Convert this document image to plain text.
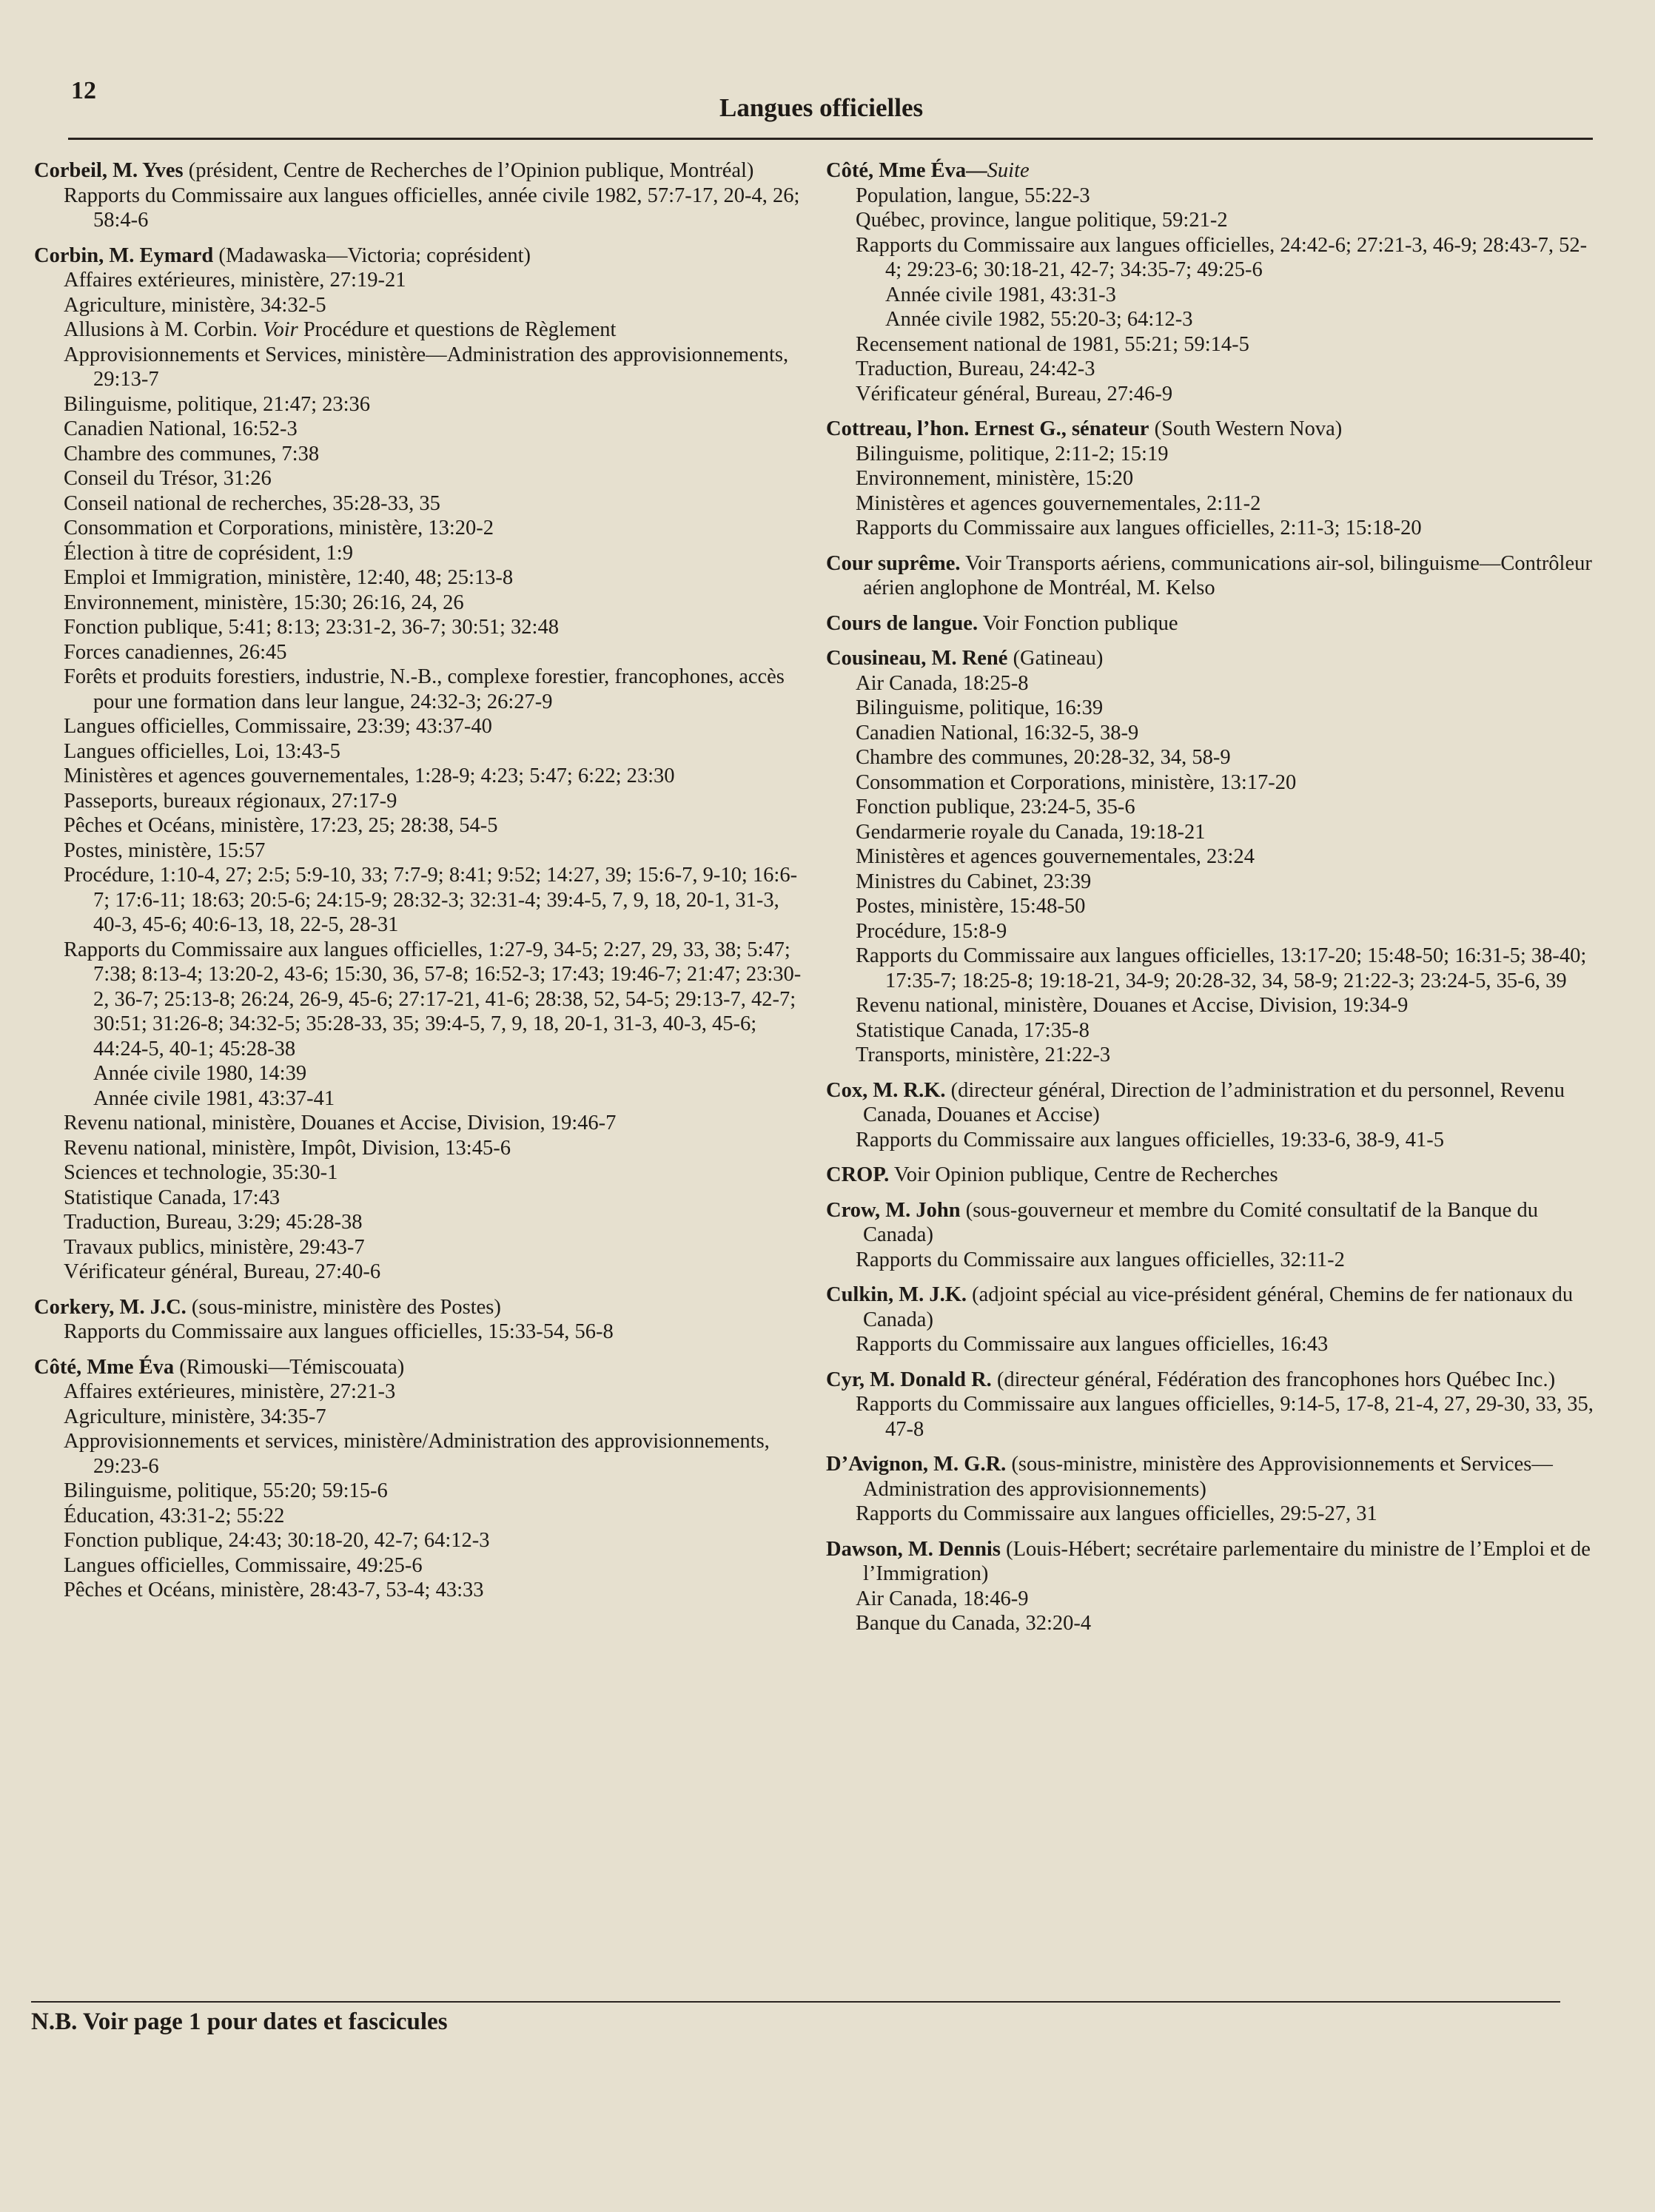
12
Langues officielles
Corbeil, M. Yves (président, Centre de Recherches de l’Opinion publique, Montréal)
Rapports du Commissaire aux langues officielles, année civile 1982, 57:7-17, 20-4, 26; 58:4-6
Corbin, M. Eymard (Madawaska—Victoria; coprésident)
Affaires extérieures, ministère, 27:19-21
Agriculture, ministère, 34:32-5
Allusions à M. Corbin. Voir Procédure et questions de Règlement
Approvisionnements et Services, ministère—Administration des approvisionnements, 29:13-7
Bilinguisme, politique, 21:47; 23:36
Canadien National, 16:52-3
Chambre des communes, 7:38
Conseil du Trésor, 31:26
Conseil national de recherches, 35:28-33, 35
Consommation et Corporations, ministère, 13:20-2
Élection à titre de coprésident, 1:9
Emploi et Immigration, ministère, 12:40, 48; 25:13-8
Environnement, ministère, 15:30; 26:16, 24, 26
Fonction publique, 5:41; 8:13; 23:31-2, 36-7; 30:51; 32:48
Forces canadiennes, 26:45
Forêts et produits forestiers, industrie, N.-B., complexe forestier, francophones, accès pour une formation dans leur langue, 24:32-3; 26:27-9
Langues officielles, Commissaire, 23:39; 43:37-40
Langues officielles, Loi, 13:43-5
Ministères et agences gouvernementales, 1:28-9; 4:23; 5:47; 6:22; 23:30
Passeports, bureaux régionaux, 27:17-9
Pêches et Océans, ministère, 17:23, 25; 28:38, 54-5
Postes, ministère, 15:57
Procédure, 1:10-4, 27; 2:5; 5:9-10, 33; 7:7-9; 8:41; 9:52; 14:27, 39; 15:6-7, 9-10; 16:6-7; 17:6-11; 18:63; 20:5-6; 24:15-9; 28:32-3; 32:31-4; 39:4-5, 7, 9, 18, 20-1, 31-3, 40-3, 45-6; 40:6-13, 18, 22-5, 28-31
Rapports du Commissaire aux langues officielles, 1:27-9, 34-5; 2:27, 29, 33, 38; 5:47; 7:38; 8:13-4; 13:20-2, 43-6; 15:30, 36, 57-8; 16:52-3; 17:43; 19:46-7; 21:47; 23:30-2, 36-7; 25:13-8; 26:24, 26-9, 45-6; 27:17-21, 41-6; 28:38, 52, 54-5; 29:13-7, 42-7; 30:51; 31:26-8; 34:32-5; 35:28-33, 35; 39:4-5, 7, 9, 18, 20-1, 31-3, 40-3, 45-6; 44:24-5, 40-1; 45:28-38
Année civile 1980, 14:39
Année civile 1981, 43:37-41
Revenu national, ministère, Douanes et Accise, Division, 19:46-7
Revenu national, ministère, Impôt, Division, 13:45-6
Sciences et technologie, 35:30-1
Statistique Canada, 17:43
Traduction, Bureau, 3:29; 45:28-38
Travaux publics, ministère, 29:43-7
Vérificateur général, Bureau, 27:40-6
Corkery, M. J.C. (sous-ministre, ministère des Postes)
Rapports du Commissaire aux langues officielles, 15:33-54, 56-8
Côté, Mme Éva (Rimouski—Témiscouata)
Affaires extérieures, ministère, 27:21-3
Agriculture, ministère, 34:35-7
Approvisionnements et services, ministère/Administration des approvisionnements, 29:23-6
Bilinguisme, politique, 55:20; 59:15-6
Éducation, 43:31-2; 55:22
Fonction publique, 24:43; 30:18-20, 42-7; 64:12-3
Langues officielles, Commissaire, 49:25-6
Pêches et Océans, ministère, 28:43-7, 53-4; 43:33
Côté, Mme Éva—Suite
Population, langue, 55:22-3
Québec, province, langue politique, 59:21-2
Rapports du Commissaire aux langues officielles, 24:42-6; 27:21-3, 46-9; 28:43-7, 52-4; 29:23-6; 30:18-21, 42-7; 34:35-7; 49:25-6
Année civile 1981, 43:31-3
Année civile 1982, 55:20-3; 64:12-3
Recensement national de 1981, 55:21; 59:14-5
Traduction, Bureau, 24:42-3
Vérificateur général, Bureau, 27:46-9
Cottreau, l’hon. Ernest G., sénateur (South Western Nova)
Bilinguisme, politique, 2:11-2; 15:19
Environnement, ministère, 15:20
Ministères et agences gouvernementales, 2:11-2
Rapports du Commissaire aux langues officielles, 2:11-3; 15:18-20
Cour suprême. Voir Transports aériens, communications air-sol, bilinguisme—Contrôleur aérien anglophone de Montréal, M. Kelso
Cours de langue. Voir Fonction publique
Cousineau, M. René (Gatineau)
Air Canada, 18:25-8
Bilinguisme, politique, 16:39
Canadien National, 16:32-5, 38-9
Chambre des communes, 20:28-32, 34, 58-9
Consommation et Corporations, ministère, 13:17-20
Fonction publique, 23:24-5, 35-6
Gendarmerie royale du Canada, 19:18-21
Ministères et agences gouvernementales, 23:24
Ministres du Cabinet, 23:39
Postes, ministère, 15:48-50
Procédure, 15:8-9
Rapports du Commissaire aux langues officielles, 13:17-20; 15:48-50; 16:31-5; 38-40; 17:35-7; 18:25-8; 19:18-21, 34-9; 20:28-32, 34, 58-9; 21:22-3; 23:24-5, 35-6, 39
Revenu national, ministère, Douanes et Accise, Division, 19:34-9
Statistique Canada, 17:35-8
Transports, ministère, 21:22-3
Cox, M. R.K. (directeur général, Direction de l’administration et du personnel, Revenu Canada, Douanes et Accise)
Rapports du Commissaire aux langues officielles, 19:33-6, 38-9, 41-5
CROP. Voir Opinion publique, Centre de Recherches
Crow, M. John (sous-gouverneur et membre du Comité consultatif de la Banque du Canada)
Rapports du Commissaire aux langues officielles, 32:11-2
Culkin, M. J.K. (adjoint spécial au vice-président général, Chemins de fer nationaux du Canada)
Rapports du Commissaire aux langues officielles, 16:43
Cyr, M. Donald R. (directeur général, Fédération des francophones hors Québec Inc.)
Rapports du Commissaire aux langues officielles, 9:14-5, 17-8, 21-4, 27, 29-30, 33, 35, 47-8
D’Avignon, M. G.R. (sous-ministre, ministère des Approvisionnements et Services—Administration des approvisionnements)
Rapports du Commissaire aux langues officielles, 29:5-27, 31
Dawson, M. Dennis (Louis-Hébert; secrétaire parlementaire du ministre de l’Emploi et de l’Immigration)
Air Canada, 18:46-9
Banque du Canada, 32:20-4
N.B. Voir page 1 pour dates et fascicules
